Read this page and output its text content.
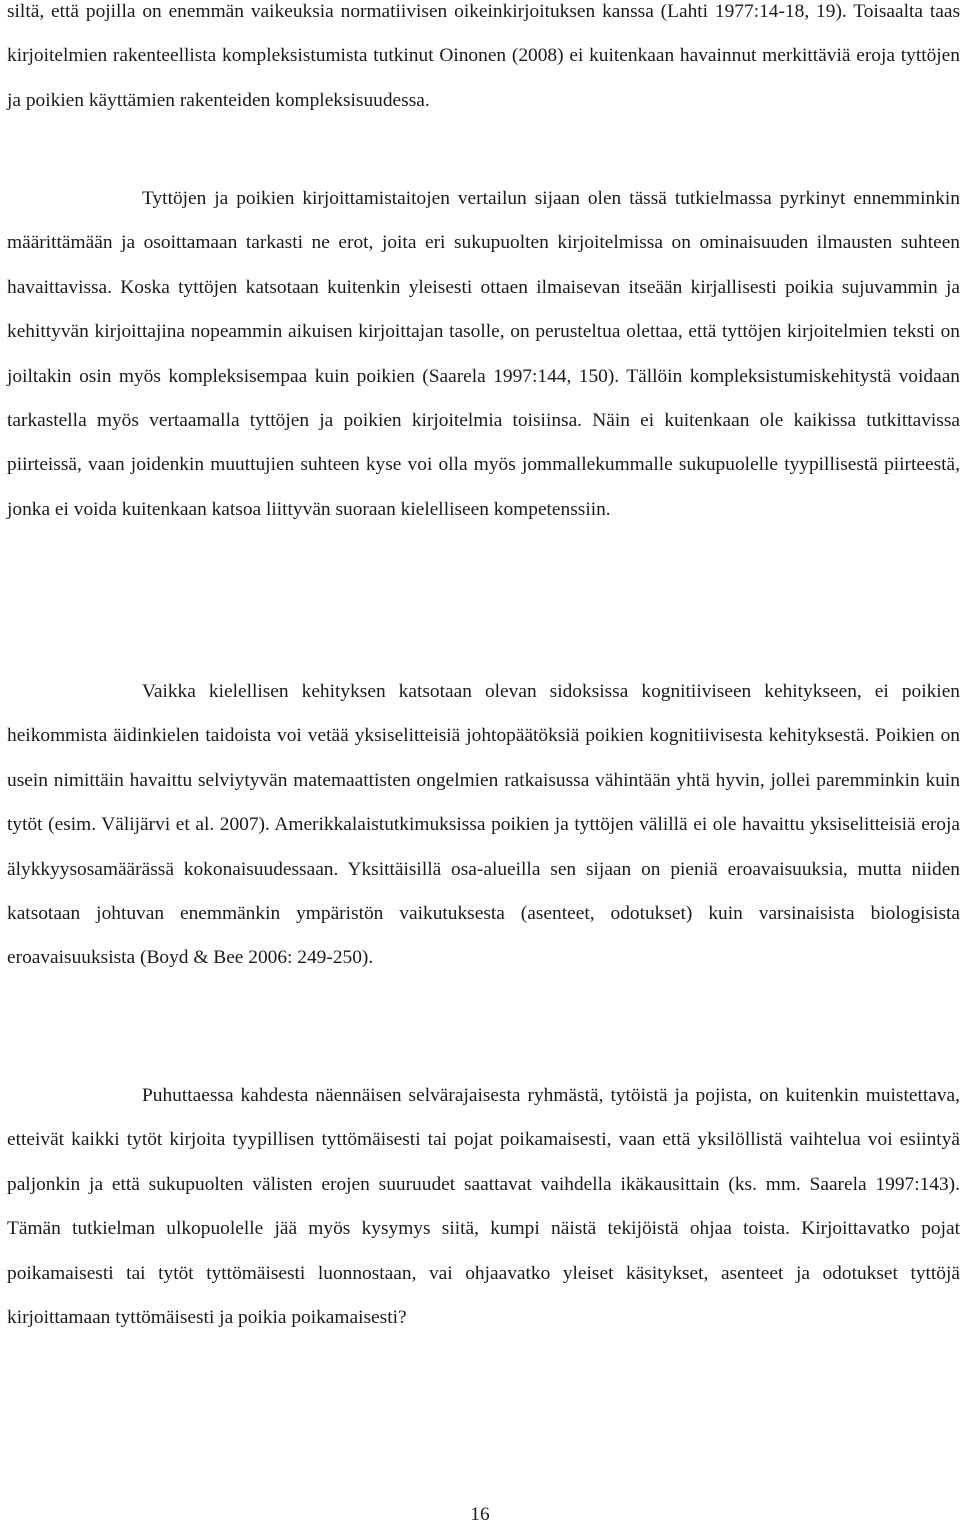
siltä, että pojilla on enemmän vaikeuksia normatiivisen oikeinkirjoituksen kanssa (Lahti 1977:14-18, 19). Toisaalta taas kirjoitelmien rakenteellista kompleksistumista tutkinut Oinonen (2008) ei kuitenkaan havainnut merkittäviä eroja tyttöjen ja poikien käyttämien rakenteiden kompleksisuudessa.

Tyttöjen ja poikien kirjoittamistaitojen vertailun sijaan olen tässä tutkielmassa pyrkinyt ennemminkin määrittämään ja osoittamaan tarkasti ne erot, joita eri sukupuolten kirjoitelmissa on ominaisuuden ilmausten suhteen havaittavissa. Koska tyttöjen katsotaan kuitenkin yleisesti ottaen ilmaisevan itseään kirjallisesti poikia sujuvammin ja kehittyvän kirjoittajina nopeammin aikuisen kirjoittajan tasolle, on perusteltua olettaa, että tyttöjen kirjoitelmien teksti on joiltakin osin myös kompleksisempaa kuin poikien (Saarela 1997:144, 150). Tällöin kompleksistumiskehitystä voidaan tarkastella myös vertaamalla tyttöjen ja poikien kirjoitelmia toisiinsa. Näin ei kuitenkaan ole kaikissa tutkittavissa piirteissä, vaan joidenkin muuttujien suhteen kyse voi olla myös jommallekummalle sukupuolelle tyypillisestä piirteestä, jonka ei voida kuitenkaan katsoa liittyvän suoraan kielelliseen kompetenssiin.

Vaikka kielellisen kehityksen katsotaan olevan sidoksissa kognitiiviseen kehitykseen, ei poikien heikommista äidinkielen taidoista voi vetää yksiselitteisiä johtopäätöksiä poikien kognitiivisesta kehityksestä. Poikien on usein nimittäin havaittu selviytyvän matemaattisten ongelmien ratkaisussa vähintään yhtä hyvin, jollei paremminkin kuin tytöt (esim. Välijärvi et al. 2007). Amerikkalaistutkimuksissa poikien ja tyttöjen välillä ei ole havaittu yksiselitteisiä eroja älykkyysosamäärässä kokonaisuudessaan. Yksittäisillä osa-alueilla sen sijaan on pieniä eroavaisuuksia, mutta niiden katsotaan johtuvan enemmänkin ympäristön vaikutuksesta (asenteet, odotukset) kuin varsinaisista biologisista eroavaisuuksista (Boyd & Bee 2006: 249-250).

Puhuttaessa kahdesta näennäisen selvärajaisesta ryhmästä, tytöistä ja pojista, on kuitenkin muistettava, etteivät kaikki tytöt kirjoita tyypillisen tyttömäisesti tai pojat poikamaisesti, vaan että yksilöllistä vaihtelua voi esiintyä paljonkin ja että sukupuolten välisten erojen suuruudet saattavat vaihdella ikäkausittain (ks. mm. Saarela 1997:143). Tämän tutkielman ulkopuolelle jää myös kysymys siitä, kumpi näistä tekijöistä ohjaa toista. Kirjoittavatko pojat poikamaisesti tai tytöt tyttömäisesti luonnostaan, vai ohjaavatko yleiset käsitykset, asenteet ja odotukset tyttöjä kirjoittamaan tyttömäisesti ja poikia poikamaisesti?

16
